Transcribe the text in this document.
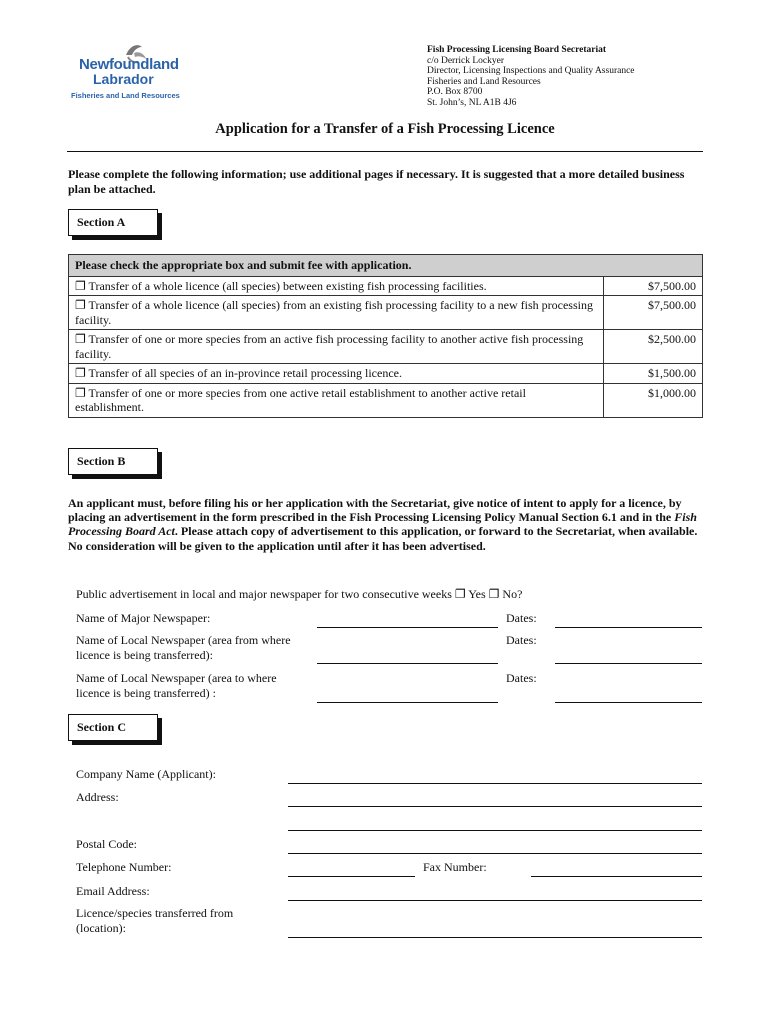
Newfoundland
Labrador
Fisheries and Land Resources
Fish Processing Licensing Board Secretariat
c/o Derrick Lockyer
Director, Licensing Inspections and Quality Assurance
Fisheries and Land Resources
P.O. Box 8700
St. John’s, NL A1B 4J6
Application for a Transfer of a Fish Processing Licence
Please complete the following information; use additional pages if necessary. It is suggested that a more detailed business plan be attached.
Section A
Please check the appropriate box and submit fee with application.	
❐ Transfer of a whole licence (all species) between existing fish processing facilities.	$7,500.00
❐ Transfer of a whole licence (all species) from an existing fish processing facility to a new fish processing facility.	$7,500.00
❐ Transfer of one or more species from an active fish processing facility to another active fish processing facility.	$2,500.00
❐ Transfer of all species of an in-province retail processing licence.	$1,500.00
❐ Transfer of one or more species from one active retail establishment to another active retail establishment.	$1,000.00
Section B
An applicant must, before filing his or her application with the Secretariat, give notice of intent to apply for a licence, by placing an advertisement in the form prescribed in the Fish Processing Licensing Policy Manual Section 6.1 and in the Fish Processing Board Act. Please attach copy of advertisement to this application, or forward to the Secretariat, when available. No consideration will be given to the application until after it has been advertised.
Public advertisement in local and major newspaper for two consecutive weeks ❐ Yes ❐ No?
Name of Major Newspaper:	Dates:
Name of Local Newspaper (area from where licence is being transferred):
Dates:
Name of Local Newspaper (area to where licence is being transferred) :
Dates:
Section C
Company Name (Applicant):
Address:
Postal Code:
Telephone Number:	Fax Number:
Email Address:
Licence/species transferred from (location):
